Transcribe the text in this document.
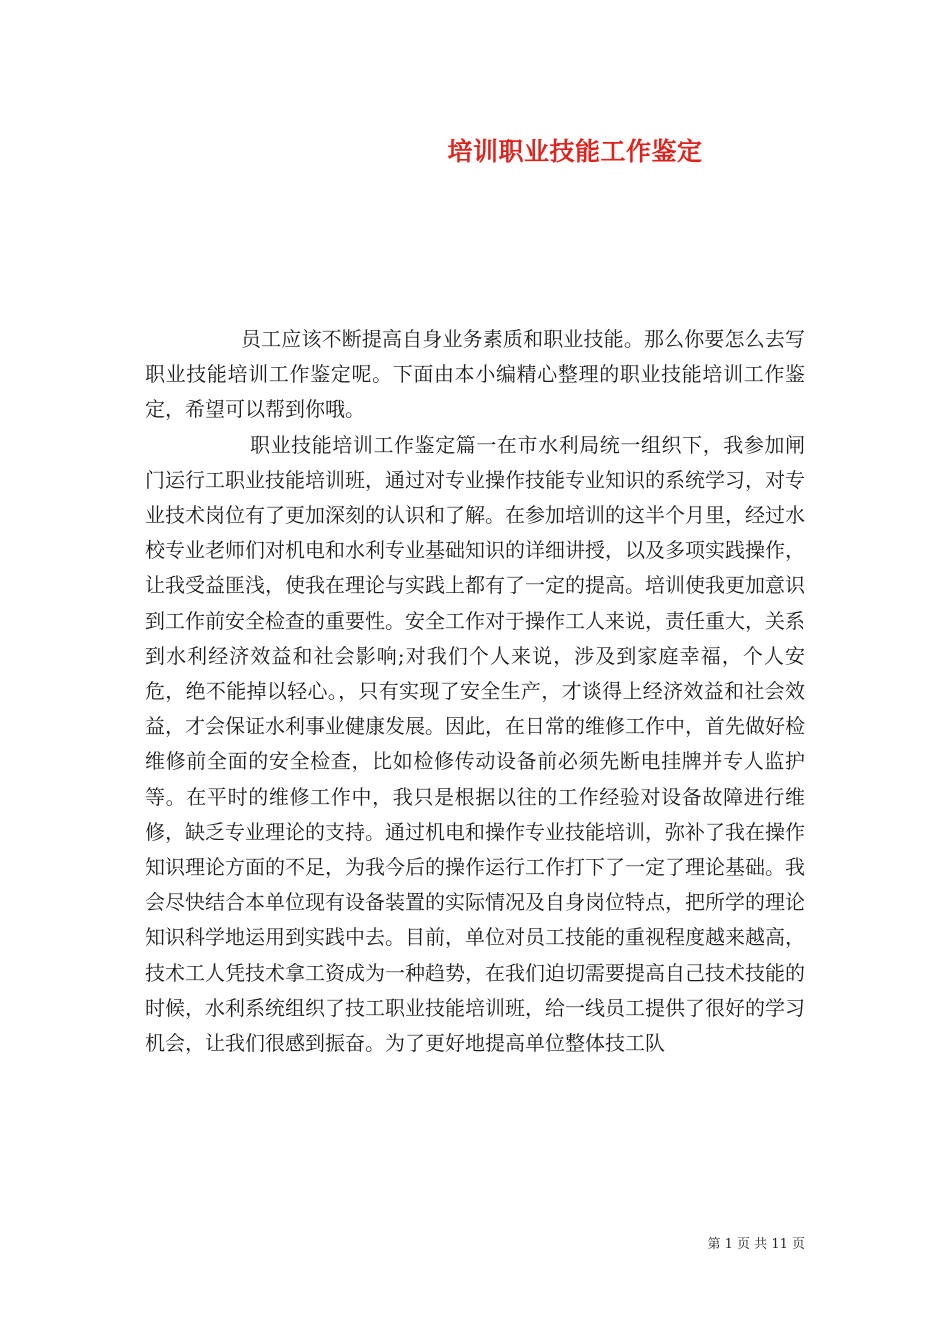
培训职业技能工作鉴定

员工应该不断提高自身业务素质和职业技能。那么你要怎么去写职业技能培训工作鉴定呢。下面由本小编精心整理的职业技能培训工作鉴定，希望可以帮到你哦。

职业技能培训工作鉴定篇一在市水利局统一组织下，我参加闸门运行工职业技能培训班，通过对专业操作技能专业知识的系统学习，对专业技术岗位有了更加深刻的认识和了解。在参加培训的这半个月里，经过水校专业老师们对机电和水利专业基础知识的详细讲授，以及多项实践操作，让我受益匪浅，使我在理论与实践上都有了一定的提高。培训使我更加意识到工作前安全检查的重要性。安全工作对于操作工人来说，责任重大，关系到水利经济效益和社会影响;对我们个人来说，涉及到家庭幸福，个人安危，绝不能掉以轻心。，只有实现了安全生产，才谈得上经济效益和社会效益，才会保证水利事业健康发展。因此，在日常的维修工作中，首先做好检维修前全面的安全检查，比如检修传动设备前必须先断电挂牌并专人监护等。在平时的维修工作中，我只是根据以往的工作经验对设备故障进行维修，缺乏专业理论的支持。通过机电和操作专业技能培训，弥补了我在操作知识理论方面的不足，为我今后的操作运行工作打下了一定了理论基础。我会尽快结合本单位现有设备装置的实际情况及自身岗位特点，把所学的理论知识科学地运用到实践中去。目前，单位对员工技能的重视程度越来越高，技术工人凭技术拿工资成为一种趋势，在我们迫切需要提高自己技术技能的时候，水利系统组织了技工职业技能培训班，给一线员工提供了很好的学习机会，让我们很感到振奋。为了更好地提高单位整体技工队

第 1 页 共 11 页
